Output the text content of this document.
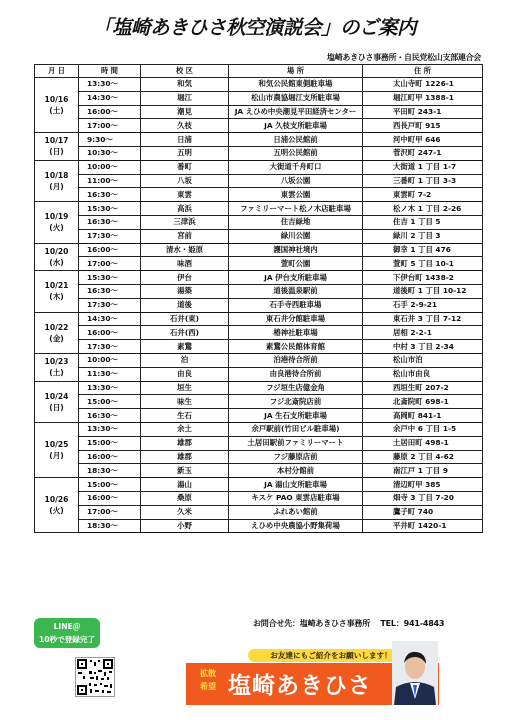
「塩崎あきひさ秋空演説会」のご案内
塩崎あきひさ事務所・自民党松山支部連合会
月 日	時 間	校 区	場 所	住 所

10/16
(土)	13:30～	和気	和気公民館東側駐車場	太山寺町 1226-1
	14:30～	堀江	松山市農協堀江支所駐車場	堀江町甲 1388-1
	16:00～	潮見	JA えひめ中央潮見平田経済センター	平田町 243-1
	17:00～	久枝	JA 久枝支所駐車場	西長戸町 915

10/17
(日)	9:30～	日浦	日浦公民館前	河中町甲 646
	10:30～	五明	五明公民館前	菅沢町 247-1

10/18
(月)	10:00～	番町	大街道千舟町口	大街道 1 丁目 1-7
	11:00～	八坂	八坂公園	三番町 1 丁目 3-3
	16:30～	東雲	東雲公園	東雲町 7-2

10/19
(火)	15:30～	高浜	ファミリーマート松ノ木店駐車場	松ノ木 1 丁目 2-26
	16:30～	三津浜	住吉緑地	住吉 1 丁目 5
	17:30～	宮前	緑川公園	緑川 2 丁目 3

10/20
(水)	16:00～	清水・姫原	護国神社境内	御幸 1 丁目 476
	17:00～	味酒	萱町公園	萱町 5 丁目 10-1

10/21
(木)	15:30～	伊台	JA 伊台支所駐車場	下伊台町 1438-2
	16:30～	湯築	道後温泉駅前	道後町 1 丁目 10-12
	17:30～	道後	石手寺西駐車場	石手 2-9-21

10/22
(金)	14:30～	石井(東)	東石井分館駐車場	東石井 3 丁目 7-12
	16:00～	石井(西)	椿神社駐車場	居相 2-2-1
	17:30～	素鵞	素鵞公民館体育館	中村 3 丁目 2-34

10/23
(土)	10:00～	泊	泊港待合所前	松山市泊
	11:30～	由良	由良港待合所前	松山市由良

10/24
(日)	13:30～	垣生	フジ垣生店億金角	西垣生町 207-2
	15:00～	味生	フジ北斎院店前	北斎院町 698-1
	16:30～	生石	JA 生石支所駐車場	高岡町 841-1

10/25
(月)	13:30～	余土	余戸駅前(竹田ビル駐車場)	余戸中 6 丁目 1-5
	15:00～	雄郡	土居田駅前ファミリーマート	土居田町 498-1
	16:00～	雄郡	フジ藤原店前	藤原 2 丁目 4-62
	18:30～	新玉	本村分館前	南江戸 1 丁目 9

10/26
(火)	15:00～	湯山	JA 湯山支所駐車場	清辺町甲 385
	16:00～	桑原	キスケ PAO 東雲店駐車場	畑寺 3 丁目 7-20
	17:00～	久米	ふれあい館前	鷹子町 740
	18:30～	小野	えひめ中央農協小野集荷場	平井町 1420-1
お問合せ先：塩崎あきひさ事務所　 TEL：941-4843
LINE＠
10秒で登録完了
お友達にもご紹介をお願いします！
拡散
希望 塩崎あきひさ
